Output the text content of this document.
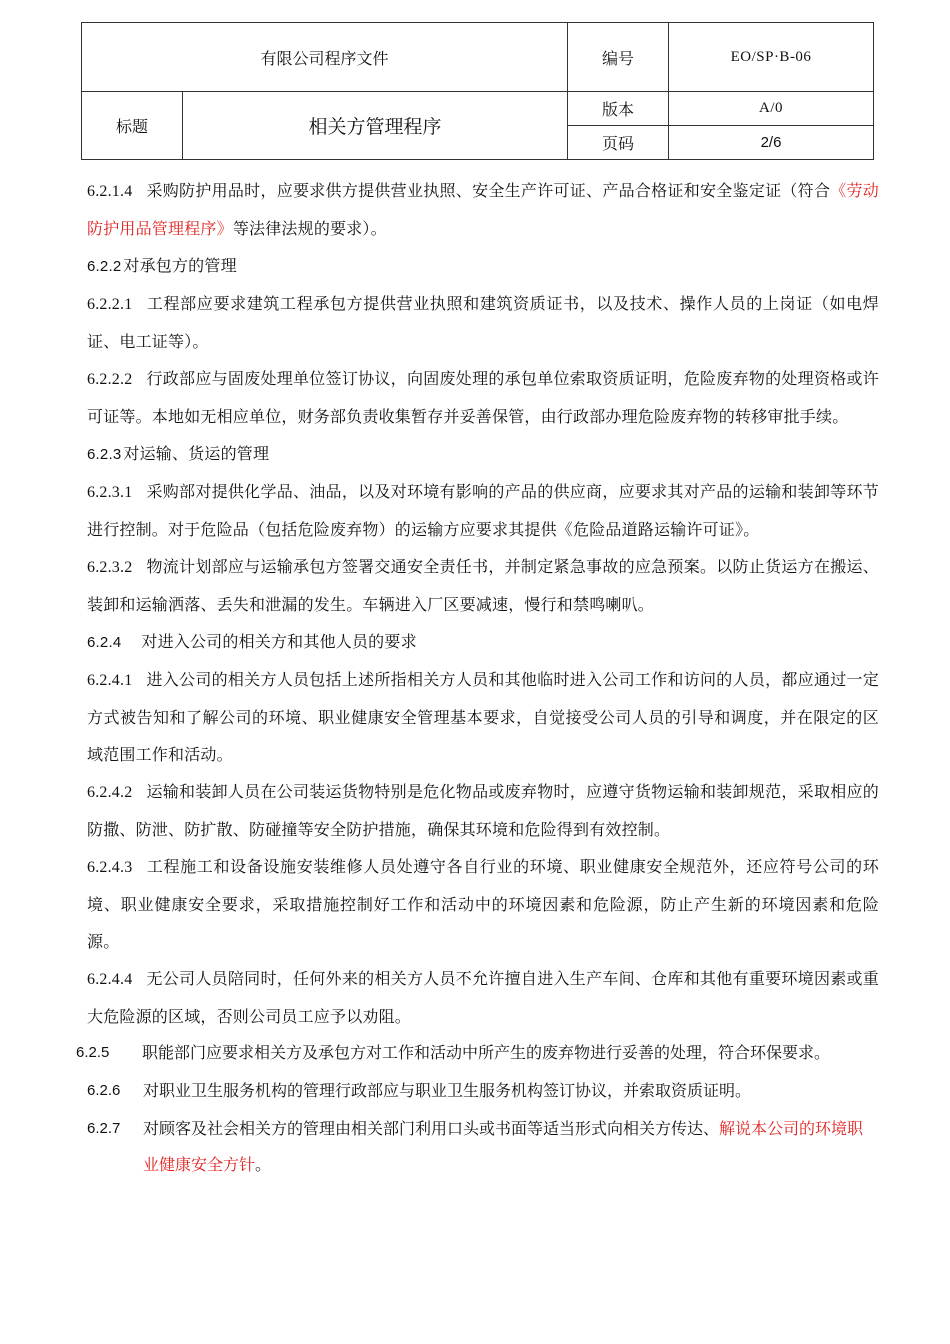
有限公司程序文件		编号	EO/SP·B-06
标题	相关方管理程序	版本	A/0
		页码	2/6

6.2.1.4 采购防护用品时，应要求供方提供营业执照、安全生产许可证、产品合格证和安全鉴定证（符合《劳动防护用品管理程序》等法律法规的要求）。

6.2.2 对承包方的管理

6.2.2.1 工程部应要求建筑工程承包方提供营业执照和建筑资质证书，以及技术、操作人员的上岗证（如电焊证、电工证等）。

6.2.2.2 行政部应与固废处理单位签订协议，向固废处理的承包单位索取资质证明，危险废弃物的处理资格或许可证等。本地如无相应单位，财务部负责收集暂存并妥善保管，由行政部办理危险废弃物的转移审批手续。

6.2.3 对运输、货运的管理

6.2.3.1 采购部对提供化学品、油品，以及对环境有影响的产品的供应商，应要求其对产品的运输和装卸等环节进行控制。对于危险品（包括危险废弃物）的运输方应要求其提供《危险品道路运输许可证》。

6.2.3.2 物流计划部应与运输承包方签署交通安全责任书，并制定紧急事故的应急预案。以防止货运方在搬运、装卸和运输洒落、丢失和泄漏的发生。车辆进入厂区要减速，慢行和禁鸣喇叭。

6.2.4 对进入公司的相关方和其他人员的要求

6.2.4.1 进入公司的相关方人员包括上述所指相关方人员和其他临时进入公司工作和访问的人员，都应通过一定方式被告知和了解公司的环境、职业健康安全管理基本要求，自觉接受公司人员的引导和调度，并在限定的区域范围工作和活动。

6.2.4.2 运输和装卸人员在公司装运货物特别是危化物品或废弃物时，应遵守货物运输和装卸规范，采取相应的防撒、防泄、防扩散、防碰撞等安全防护措施，确保其环境和危险得到有效控制。

6.2.4.3 工程施工和设备设施安装维修人员处遵守各自行业的环境、职业健康安全规范外，还应符号公司的环境、职业健康安全要求，采取措施控制好工作和活动中的环境因素和危险源，防止产生新的环境因素和危险源。

6.2.4.4 无公司人员陪同时，任何外来的相关方人员不允许擅自进入生产车间、仓库和其他有重要环境因素或重大危险源的区域，否则公司员工应予以劝阻。

6.2.5	职能部门应要求相关方及承包方对工作和活动中所产生的废弃物进行妥善的处理，符合环保要求。
6.2.6	对职业卫生服务机构的管理行政部应与职业卫生服务机构签订协议，并索取资质证明。
6.2.7	对顾客及社会相关方的管理由相关部门利用口头或书面等适当形式向相关方传达、解说本公司的环境职业健康安全方针。
